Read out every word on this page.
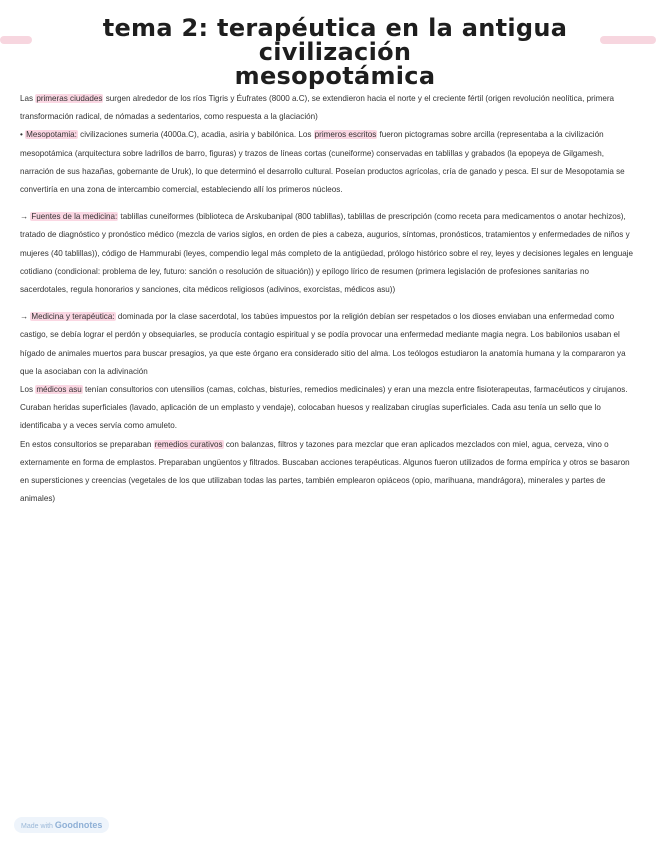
tema 2: terapéutica en la antigua civilización
mesopotámica

Las primeras ciudades surgen alrededor de los ríos Tigris y Éufrates (8000 a.C), se extendieron hacia el norte y el creciente fértil (origen revolución neolítica, primera transformación radical, de nómadas a sedentarios, como respuesta a la glaciación)

• Mesopotamia: civilizaciones sumeria (4000a.C), acadia, asiria y babilónica. Los primeros escritos fueron pictogramas sobre arcilla (representaba a la civilización mesopotámica (arquitectura sobre ladrillos de barro, figuras) y trazos de líneas cortas (cuneiforme) conservadas en tablillas y grabados (la epopeya de Gilgamesh, narración de sus hazañas, gobernante de Uruk), lo que determinó el desarrollo cultural. Poseían productos agrícolas, cría de ganado y pesca. El sur de Mesopotamia se convertiría en una zona de intercambio comercial, estableciendo allí los primeros núcleos.

→ Fuentes de la medicina: tablillas cuneiformes (biblioteca de Arskubanipal (800 tablillas), tablillas de prescripción (como receta para medicamentos o anotar hechizos), tratado de diagnóstico y pronóstico médico (mezcla de varios siglos, en orden de pies a cabeza, augurios, síntomas, pronósticos, tratamientos y enfermedades de niños y mujeres (40 tablillas)), código de Hammurabi (leyes, compendio legal más completo de la antigüedad, prólogo histórico sobre el rey, leyes y decisiones legales en lenguaje cotidiano (condicional: problema de ley, futuro: sanción o resolución de situación)) y epílogo lírico de resumen (primera legislación de profesiones sanitarias no sacerdotales, regula honorarios y sanciones, cita médicos religiosos (adivinos, exorcistas, médicos asu))

→ Medicina y terapéutica: dominada por la clase sacerdotal, los tabúes impuestos por la religión debían ser respetados o los dioses enviaban una enfermedad como castigo, se debía lograr el perdón y obsequiarles, se producía contagio espiritual y se podía provocar una enfermedad mediante magia negra. Los babilonios usaban el hígado de animales muertos para buscar presagios, ya que este órgano era considerado sitio del alma. Los teólogos estudiaron la anatomía humana y la compararon ya que la asociaban con la adivinación

Los médicos asu tenían consultorios con utensilios (camas, colchas, bisturíes, remedios medicinales) y eran una mezcla entre fisioterapeutas, farmacéuticos y cirujanos. Curaban heridas superficiales (lavado, aplicación de un emplasto y vendaje), colocaban huesos y realizaban cirugías superficiales. Cada asu tenía un sello que lo identificaba y a veces servía como amuleto.

En estos consultorios se preparaban remedios curativos con balanzas, filtros y tazones para mezclar que eran aplicados mezclados con miel, agua, cerveza, vino o externamente en forma de emplastos. Preparaban ungüentos y filtrados. Buscaban acciones terapéuticas. Algunos fueron utilizados de forma empírica y otros se basaron en supersticiones y creencias (vegetales de los que utilizaban todas las partes, también emplearon opiáceos (opio, marihuana, mandrágora), minerales y partes de animales)

Made with Goodnotes
